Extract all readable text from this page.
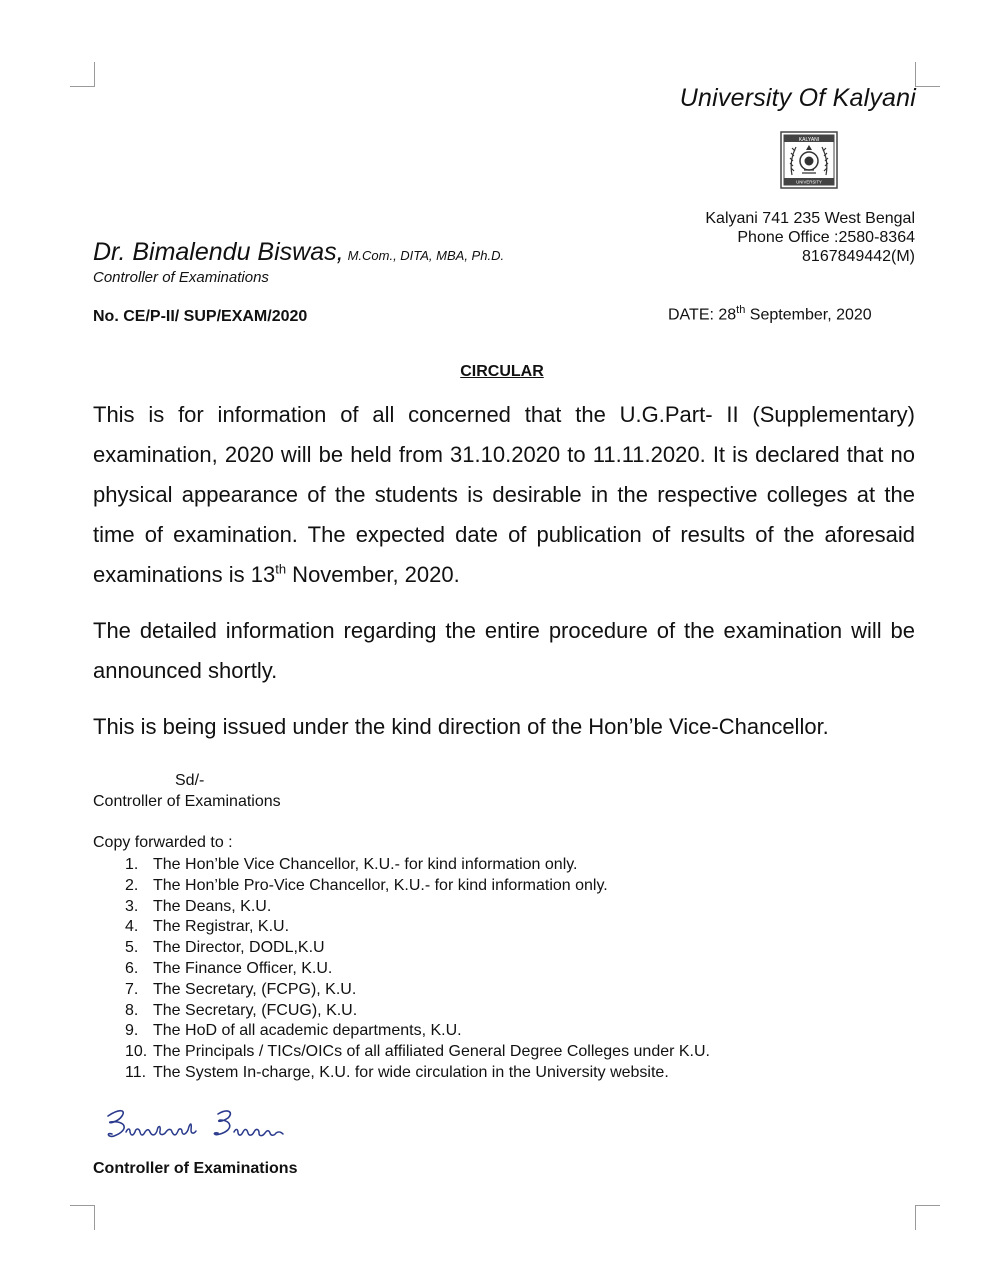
University Of Kalyani
KALYANI
UNIVERSITY
Kalyani 741 235 West Bengal
Phone Office :2580-8364
8167849442(M)
Dr. Bimalendu Biswas, M.Com., DITA, MBA, Ph.D.
Controller of Examinations
No. CE/P-II/ SUP/EXAM/2020	DATE: 28th September, 2020
CIRCULAR
This is for information of all concerned that the U.G.Part- II (Supplementary) examination, 2020 will be held from 31.10.2020 to 11.11.2020. It is declared that no physical appearance of the students is desirable in the respective colleges at the time of examination. The expected date of publication of results of the aforesaid examinations is 13th November, 2020.
The detailed information regarding the entire procedure of the examination will be announced shortly.
This is being issued under the kind direction of the Hon’ble Vice-Chancellor.
Sd/-
Controller of Examinations
Copy forwarded to :
1. The Hon’ble Vice Chancellor, K.U.- for kind information only.
2. The Hon’ble Pro-Vice Chancellor, K.U.- for kind information only.
3. The Deans, K.U.
4. The Registrar, K.U.
5. The Director, DODL,K.U
6. The Finance Officer, K.U.
7. The Secretary, (FCPG), K.U.
8. The Secretary, (FCUG), K.U.
9. The HoD of all academic departments, K.U.
10. The Principals / TICs/OICs of all affiliated General Degree Colleges under K.U.
11. The System In-charge, K.U. for wide circulation in the University website.
Controller of Examinations
